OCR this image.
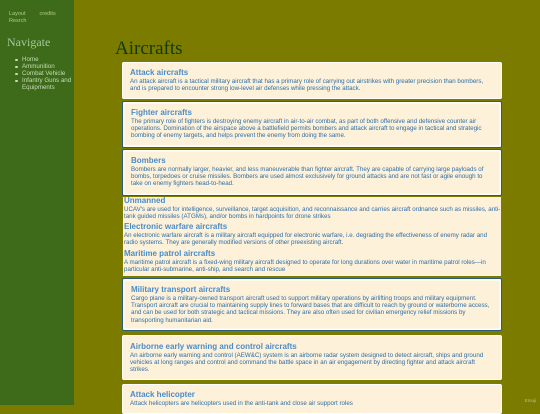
Layout	credits
Resrch
Navigate
Home
Ammunition
Combat Vehicle
Infantry Guns and Equipments
Aircrafts
Attack aircrafts

An attack aircraft is a tactical military aircraft that has a primary role of carrying out airstrikes with greater precision than bombers, and is prepared to encounter strong low-level air defenses while pressing the attack.

Fighter aircrafts

The primary role of fighters is destroying enemy aircraft in air-to-air combat, as part of both offensive and defensive counter air operations. Domination of the airspace above a battlefield permits bombers and attack aircraft to engage in tactical and strategic bombing of enemy targets, and helps prevent the enemy from doing the same.

Bombers

Bombers are normally larger, heavier, and less maneuverable than fighter aircraft. They are capable of carrying large payloads of bombs, torpedoes or cruise missiles. Bombers are used almost exclusively for ground attacks and are not fast or agile enough to take on enemy fighters head-to-head.

Unmanned

UCAV's are used for intelligence, surveillance, target acquisition, and reconnaissance and carries aircraft ordnance such as missiles, anti-tank guided missiles (ATGMs), and/or bombs in hardpoints for drone strikes

Electronic warfare aircrafts

An electronic warfare aircraft is a military aircraft equipped for electronic warfare, i.e. degrading the effectiveness of enemy radar and radio systems. They are generally modified versions of other preexisting aircraft.

Maritime patrol aircrafts

A maritime patrol aircraft is a fixed-wing military aircraft designed to operate for long durations over water in maritime patrol roles—in particular anti-submarine, anti-ship, and search and rescue

Military transport aircrafts

Cargo plane is a military-owned transport aircraft used to support military operations by airlifting troops and military equipment. Transport aircraft are crucial to maintaining supply lines to forward bases that are difficult to reach by ground or waterborne access, and can be used for both strategic and tactical missions. They are also often used for civilian emergency relief missions by transporting humanitarian aid.

Airborne early warning and control aircrafts

An airborne early warning and control (AEW&C) system is an airborne radar system designed to detect aircraft, ships and ground vehicles at long ranges and control and command the battle space in an air engagement by directing fighter and attack aircraft strikes.

Attack helicopter

Attack helicopters are helicopters used in the anti-tank and close air support roles	Emoji
